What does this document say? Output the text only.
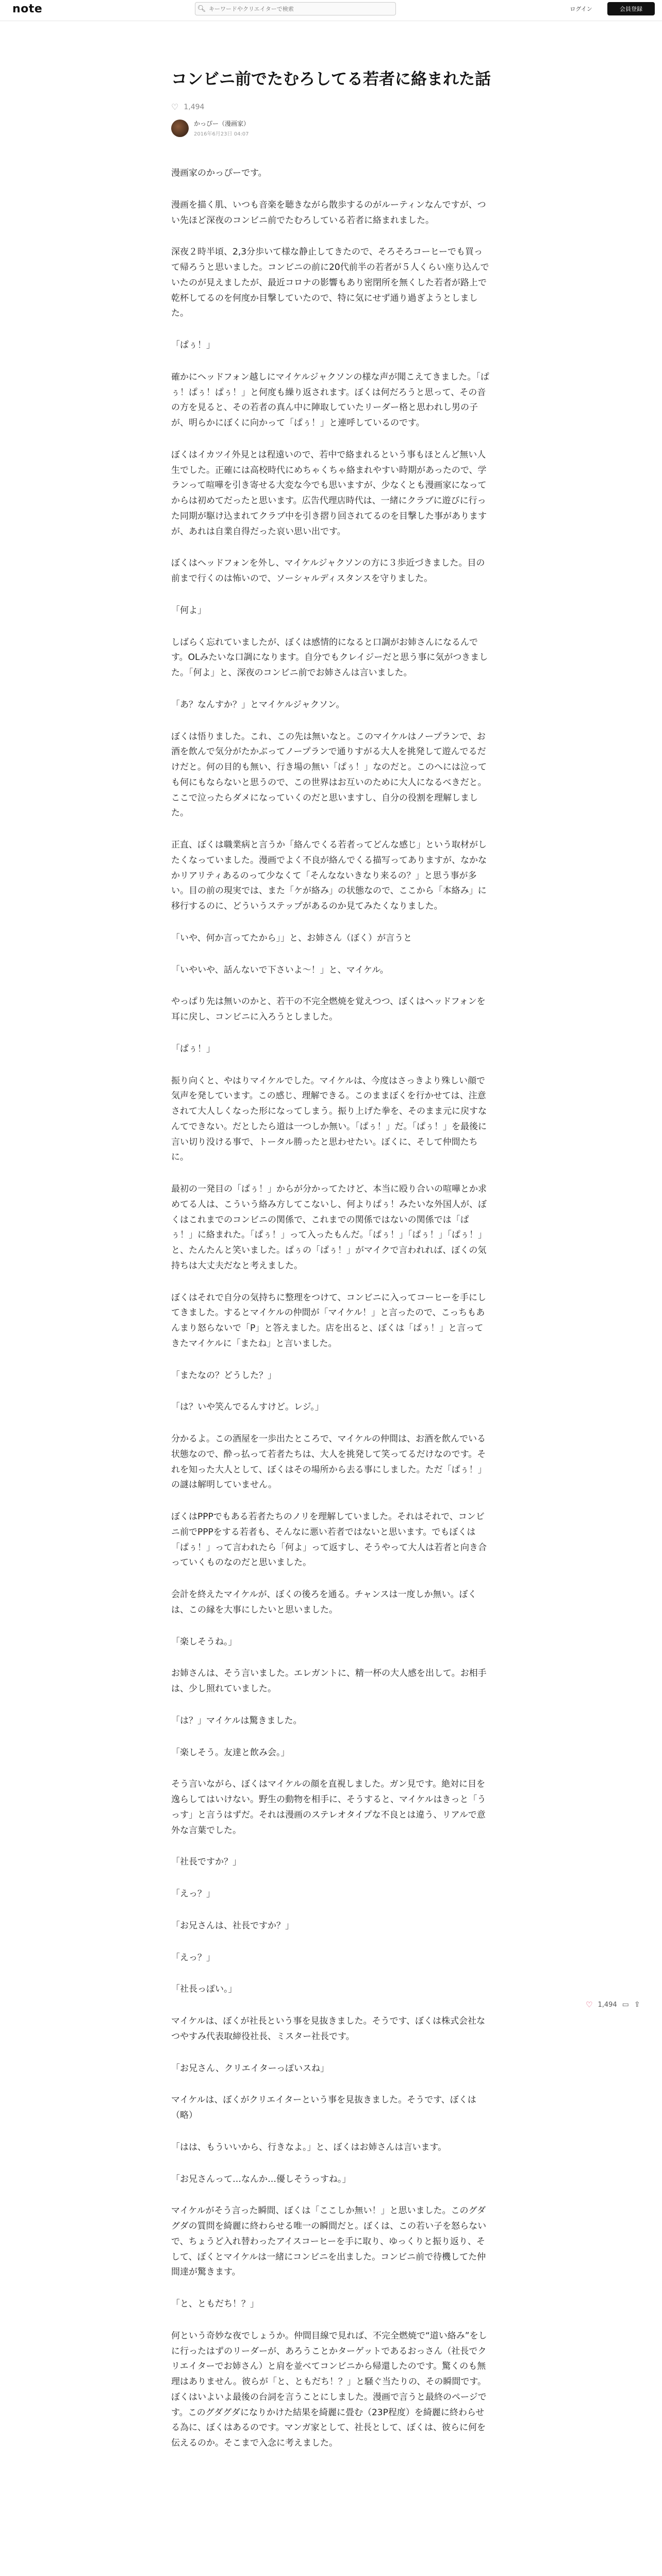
note	🔍︎
キーワードやクリエイターで検索	ログイン	会員登録
コンビニ前でたむろしてる若者に絡まれた話
♡ 1,494
かっぴー（漫画家）
2016年6月23日 04:07

漫画家のかっぴーです。

漫画を描く肌、いつも音楽を聴きながら散歩するのがルーティンなんですが、つい先ほど深夜のコンビニ前でたむろしている若者に絡まれました。

深夜２時半頃、2,3分歩いて様な静止してきたので、そろそろコーヒーでも買って帰ろうと思いました。コンビニの前に20代前半の若者が５人くらい座り込んでいたのが見えましたが、最近コロナの影響もあり密閉所を無くした若者が路上で乾杯してるのを何度か目撃していたので、特に気にせず通り過ぎようとしました。

「ぱぅ！」

確かにヘッドフォン越しにマイケルジャクソンの様な声が聞こえてきました。「ぱぅ！ぱぅ！ぱぅ！」と何度も繰り返されます。ぼくは何だろうと思って、その音の方を見ると、その若者の真ん中に陣取していたリーダー格と思われし男の子が、明らかにぼくに向かって「ぱぅ！」と連呼しているのです。

ぼくはイカツイ外見とは程遠いので、若中で絡まれるという事もほとんど無い人生でした。正確には高校時代にめちゃくちゃ絡まれやすい時期があったので、学ランって喧嘩を引き寄せる大変な今でも思いますが、少なくとも漫画家になってからは初めてだったと思います。広告代理店時代は、一緒にクラブに遊びに行った同期が駆け込まれてクラブ中を引き摺り回されてるのを目撃した事がありますが、あれは自業自得だった哀い思い出です。

ぼくはヘッドフォンを外し、マイケルジャクソンの方に３歩近づきました。目の前まで行くのは怖いので、ソーシャルディスタンスを守りました。

「何よ」

しばらく忘れていましたが、ぼくは感情的になると口調がお姉さんになるんです。OLみたいな口調になります。自分でもクレイジーだと思う事に気がつきました。「何よ」と、深夜のコンビニ前でお姉さんは言いました。

「あ？なんすか？」とマイケルジャクソン。

ぼくは悟りました。これ、この先は無いなと。このマイケルはノープランで、お酒を飲んで気分がたかぶってノープランで通りすがる大人を挑発して遊んでるだけだと。何の目的も無い、行き場の無い「ぱぅ！」なのだと。このへには泣っても何にもならないと思うので、この世界はお互いのために大人になるべきだと。ここで泣ったらダメになっていくのだと思いますし、自分の役割を理解しました。

正直、ぼくは職業病と言うか「絡んでくる若者ってどんな感じ」という取材がしたくなっていました。漫画でよく不良が絡んでくる描写ってありますが、なかなかリアリティあるのって少なくて「そんなないきなり来るの？」と思う事が多い。目の前の現実では、また「ケが絡み」の状態なので、ここから「本絡み」に移行するのに、どういうステップがあるのか見てみたくなりました。

「いや、何か言ってたから」」と、お姉さん（ぼく）が言うと

「いやいや、話んないで下さいよ〜！」と、マイケル。

やっぱり先は無いのかと、若干の不完全燃焼を覚えつつ、ぼくはヘッドフォンを耳に戻し、コンビニに入ろうとしました。

「ぱぅ！」

振り向くと、やはりマイケルでした。マイケルは、今度はさっきより殊しい顔で気声を発しています。この感じ、理解できる。このままぼくを行かせては、注意されて大人しくなった形になってしまう。振り上げた拳を、そのまま元に戻すなんてできない。だとしたら道は一つしか無い。「ぱぅ！」だ。「ぱぅ！」を最後に言い切り没ける事で、トータル勝ったと思わせたい。ぼくに、そして仲間たちに。

最初の一発目の「ぱぅ！」からが分かってたけど、本当に殴り合いの喧嘩とか求めてる人は、こういう絡み方してこないし、何よりぱぅ！みたいな外国人が、ぼくはこれまでのコンビニの関係で、これまでの関係ではないの関係では「ぱぅ！」に絡まれた。「ぱぅ！」って入ったもんだ。「ぱぅ！」「ぱぅ！」「ぱぅ！」と、たんたんと笑いました。ぱぅの「ぱぅ！」がマイクで言われれば、ぼくの気持ちは大丈夫だなと考えました。

ぼくはそれで自分の気持ちに整理をつけて、コンビニに入ってコーヒーを手にしてきました。するとマイケルの仲間が「マイケル！」と言ったので、こっちもあんまり怒らないで「P」と答えました。店を出ると、ぼくは「ぱぅ！」と言ってきたマイケルに「またね」と言いました。

「またなの？どうした？」

「は？いや笑んでるんすけど。レジ。」

分かるよ。この酒屋を一歩出たところで、マイケルの仲間は、お酒を飲んでいる状態なので、酔っ払って若者たちは、大人を挑発して笑ってるだけなのです。それを知った大人として、ぼくはその場所から去る事にしました。ただ「ぱぅ！」の謎は解明していません。

ぼくはPPPでもある若者たちのノリを理解していました。それはそれで、コンビニ前でPPPをする若者も、そんなに悪い若者ではないと思います。でもぼくは「ぱぅ！」って言われたら「何よ」って返すし、そうやって大人は若者と向き合っていくものなのだと思いました。

会計を終えたマイケルが、ぼくの後ろを通る。チャンスは一度しか無い。ぼくは、この縁を大事にしたいと思いました。

「楽しそうね。」

お姉さんは、そう言いました。エレガントに、精一杯の大人感を出して。お相手は、少し照れていました。

「は？」マイケルは驚きました。

「楽しそう。友達と飲み会。」

そう言いながら、ぼくはマイケルの顔を直視しました。ガン見です。絶対に目を逸らしてはいけない。野生の動物を相手に、そうすると、マイケルはきっと「うっす」と言うはずだ。それは漫画のステレオタイプな不良とは違う、リアルで意外な言葉でした。

「社長ですか？」

「えっ？」

「お兄さんは、社長ですか？」

「えっ？」

「社長っぽい。」

マイケルは、ぼくが社長という事を見抜きました。そうです、ぼくは株式会社なつやすみ代表取締役社長、ミスター社長です。

「お兄さん、クリエイターっぽいスね」

マイケルは、ぼくがクリエイターという事を見抜きました。そうです、ぼくは（略）

「はは、もういいから、行きなよ。」と、ぼくはお姉さんは言います。

「お兄さんって…なんか…優しそうっすね。」

マイケルがそう言った瞬間、ぼくは「ここしか無い！」と思いました。このグダグダの質問を綺麗に終わらせる唯一の瞬間だと。ぼくは、この若い子を怒らないで、ちょうど入れ替わったアイスコーヒーを手に取り、ゆっくりと振り返り、そして、ぼくとマイケルは一緒にコンビニを出ました。コンビニ前で待機してた仲間達が驚きます。

「と、ともだち！？」

何という奇妙な夜でしょうか。仲間目線で見れば、不完全燃焼で“道い絡み”をしに行ったはずのリーダーが、あろうことかターゲットであるおっさん（社長でクリエイターでお姉さん）と肩を並べてコンビニから帰還したのです。驚くのも無理はありません。彼らが「と、ともだち！？」と騒ぐ当たりの、その瞬間です。ぼくはいよいよ最後の台詞を言うことにしました。漫画で言うと最終のページです。このグダグダになりかけた結果を綺麗に畳む（23P程度）を綺麗に終わらせる為に、ぼくはあるのです。マンガ家として、社長として、ぼくは、彼らに何を伝えるのか。そこまで入念に考えました。

♡ 1,494 ▭ ⇪
